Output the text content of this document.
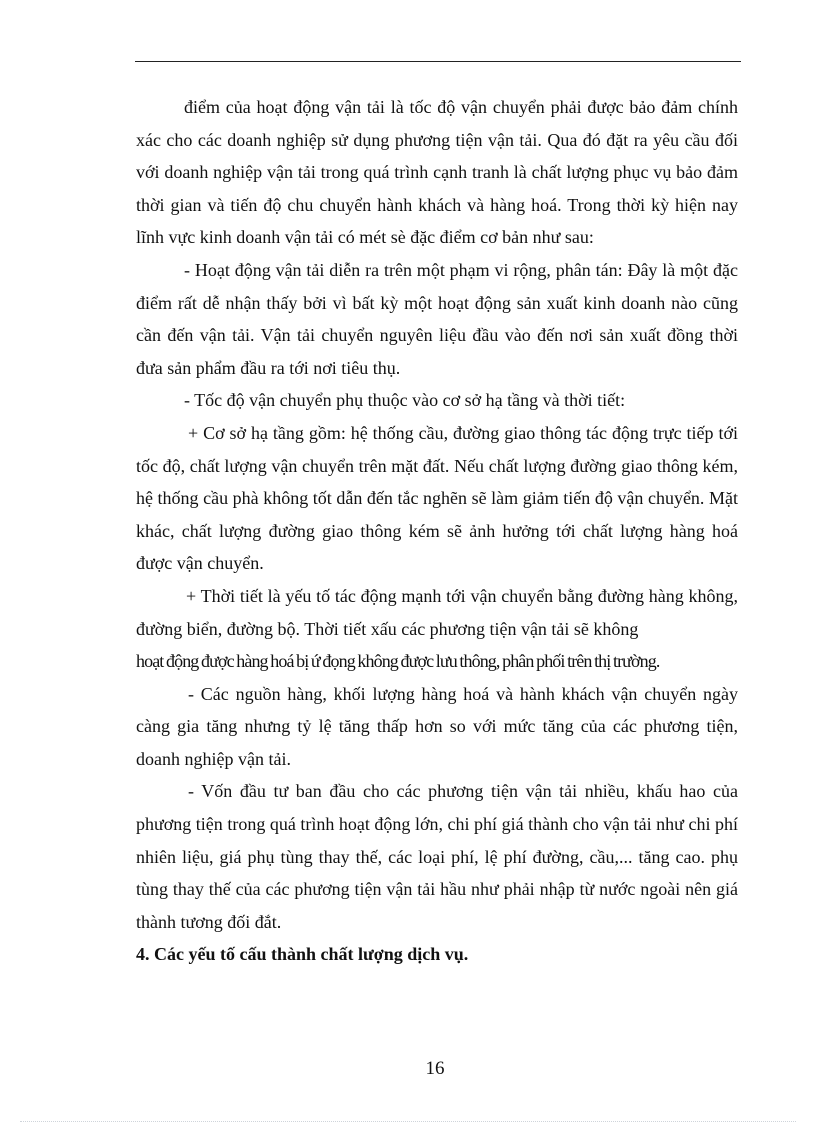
điểm của hoạt động vận tải là tốc độ vận chuyển phải được bảo đảm chính xác cho các doanh nghiệp sử dụng phương tiện vận tải. Qua đó đặt ra yêu cầu đối với doanh nghiệp vận tải trong quá trình cạnh tranh là chất lượng phục vụ bảo đảm thời gian và tiến độ chu chuyển hành khách và hàng hoá. Trong thời kỳ hiện nay lĩnh vực kinh doanh vận tải có mét sè đặc điểm cơ bản như sau:

- Hoạt động vận tải diễn ra trên một phạm vi rộng, phân tán: Đây là một đặc điểm rất dễ nhận thấy bởi vì bất kỳ một hoạt động sản xuất kinh doanh nào cũng cần đến vận tải. Vận tải chuyển nguyên liệu đầu vào đến nơi sản xuất đồng thời đưa sản phẩm đầu ra tới nơi tiêu thụ.

- Tốc độ vận chuyển phụ thuộc vào cơ sở hạ tầng và thời tiết:

+ Cơ sở hạ tầng gồm: hệ thống cầu, đường giao thông tác động trực tiếp tới tốc độ, chất lượng vận chuyển trên mặt đất. Nếu chất lượng đường giao thông kém, hệ thống cầu phà không tốt dẫn đến tắc nghẽn sẽ làm giảm tiến độ vận chuyển. Mặt khác, chất lượng đường giao thông kém sẽ ảnh hưởng tới chất lượng hàng hoá được vận chuyển.

+ Thời tiết là yếu tố tác động mạnh tới vận chuyển bằng đường hàng không, đường biển, đường bộ. Thời tiết xấu các phương tiện vận tải sẽ không

hoạt động được hàng hoá bị ứ đọng không được lưu thông, phân phối trên thị trường.

- Các nguồn hàng, khối lượng hàng hoá và hành khách vận chuyển ngày càng gia tăng nhưng tỷ lệ tăng thấp hơn so với mức tăng của các phương tiện, doanh nghiệp vận tải.

- Vốn đầu tư ban đầu cho các phương tiện vận tải nhiều, khấu hao của phương tiện trong quá trình hoạt động lớn, chi phí giá thành cho vận tải như chi phí nhiên liệu, giá phụ tùng thay thế, các loại phí, lệ phí đường, cầu,... tăng cao. phụ tùng thay thế của các phương tiện vận tải hầu như phải nhập từ nước ngoài nên giá thành tương đối đắt.

4. Các yếu tố cấu thành chất lượng dịch vụ.

16
